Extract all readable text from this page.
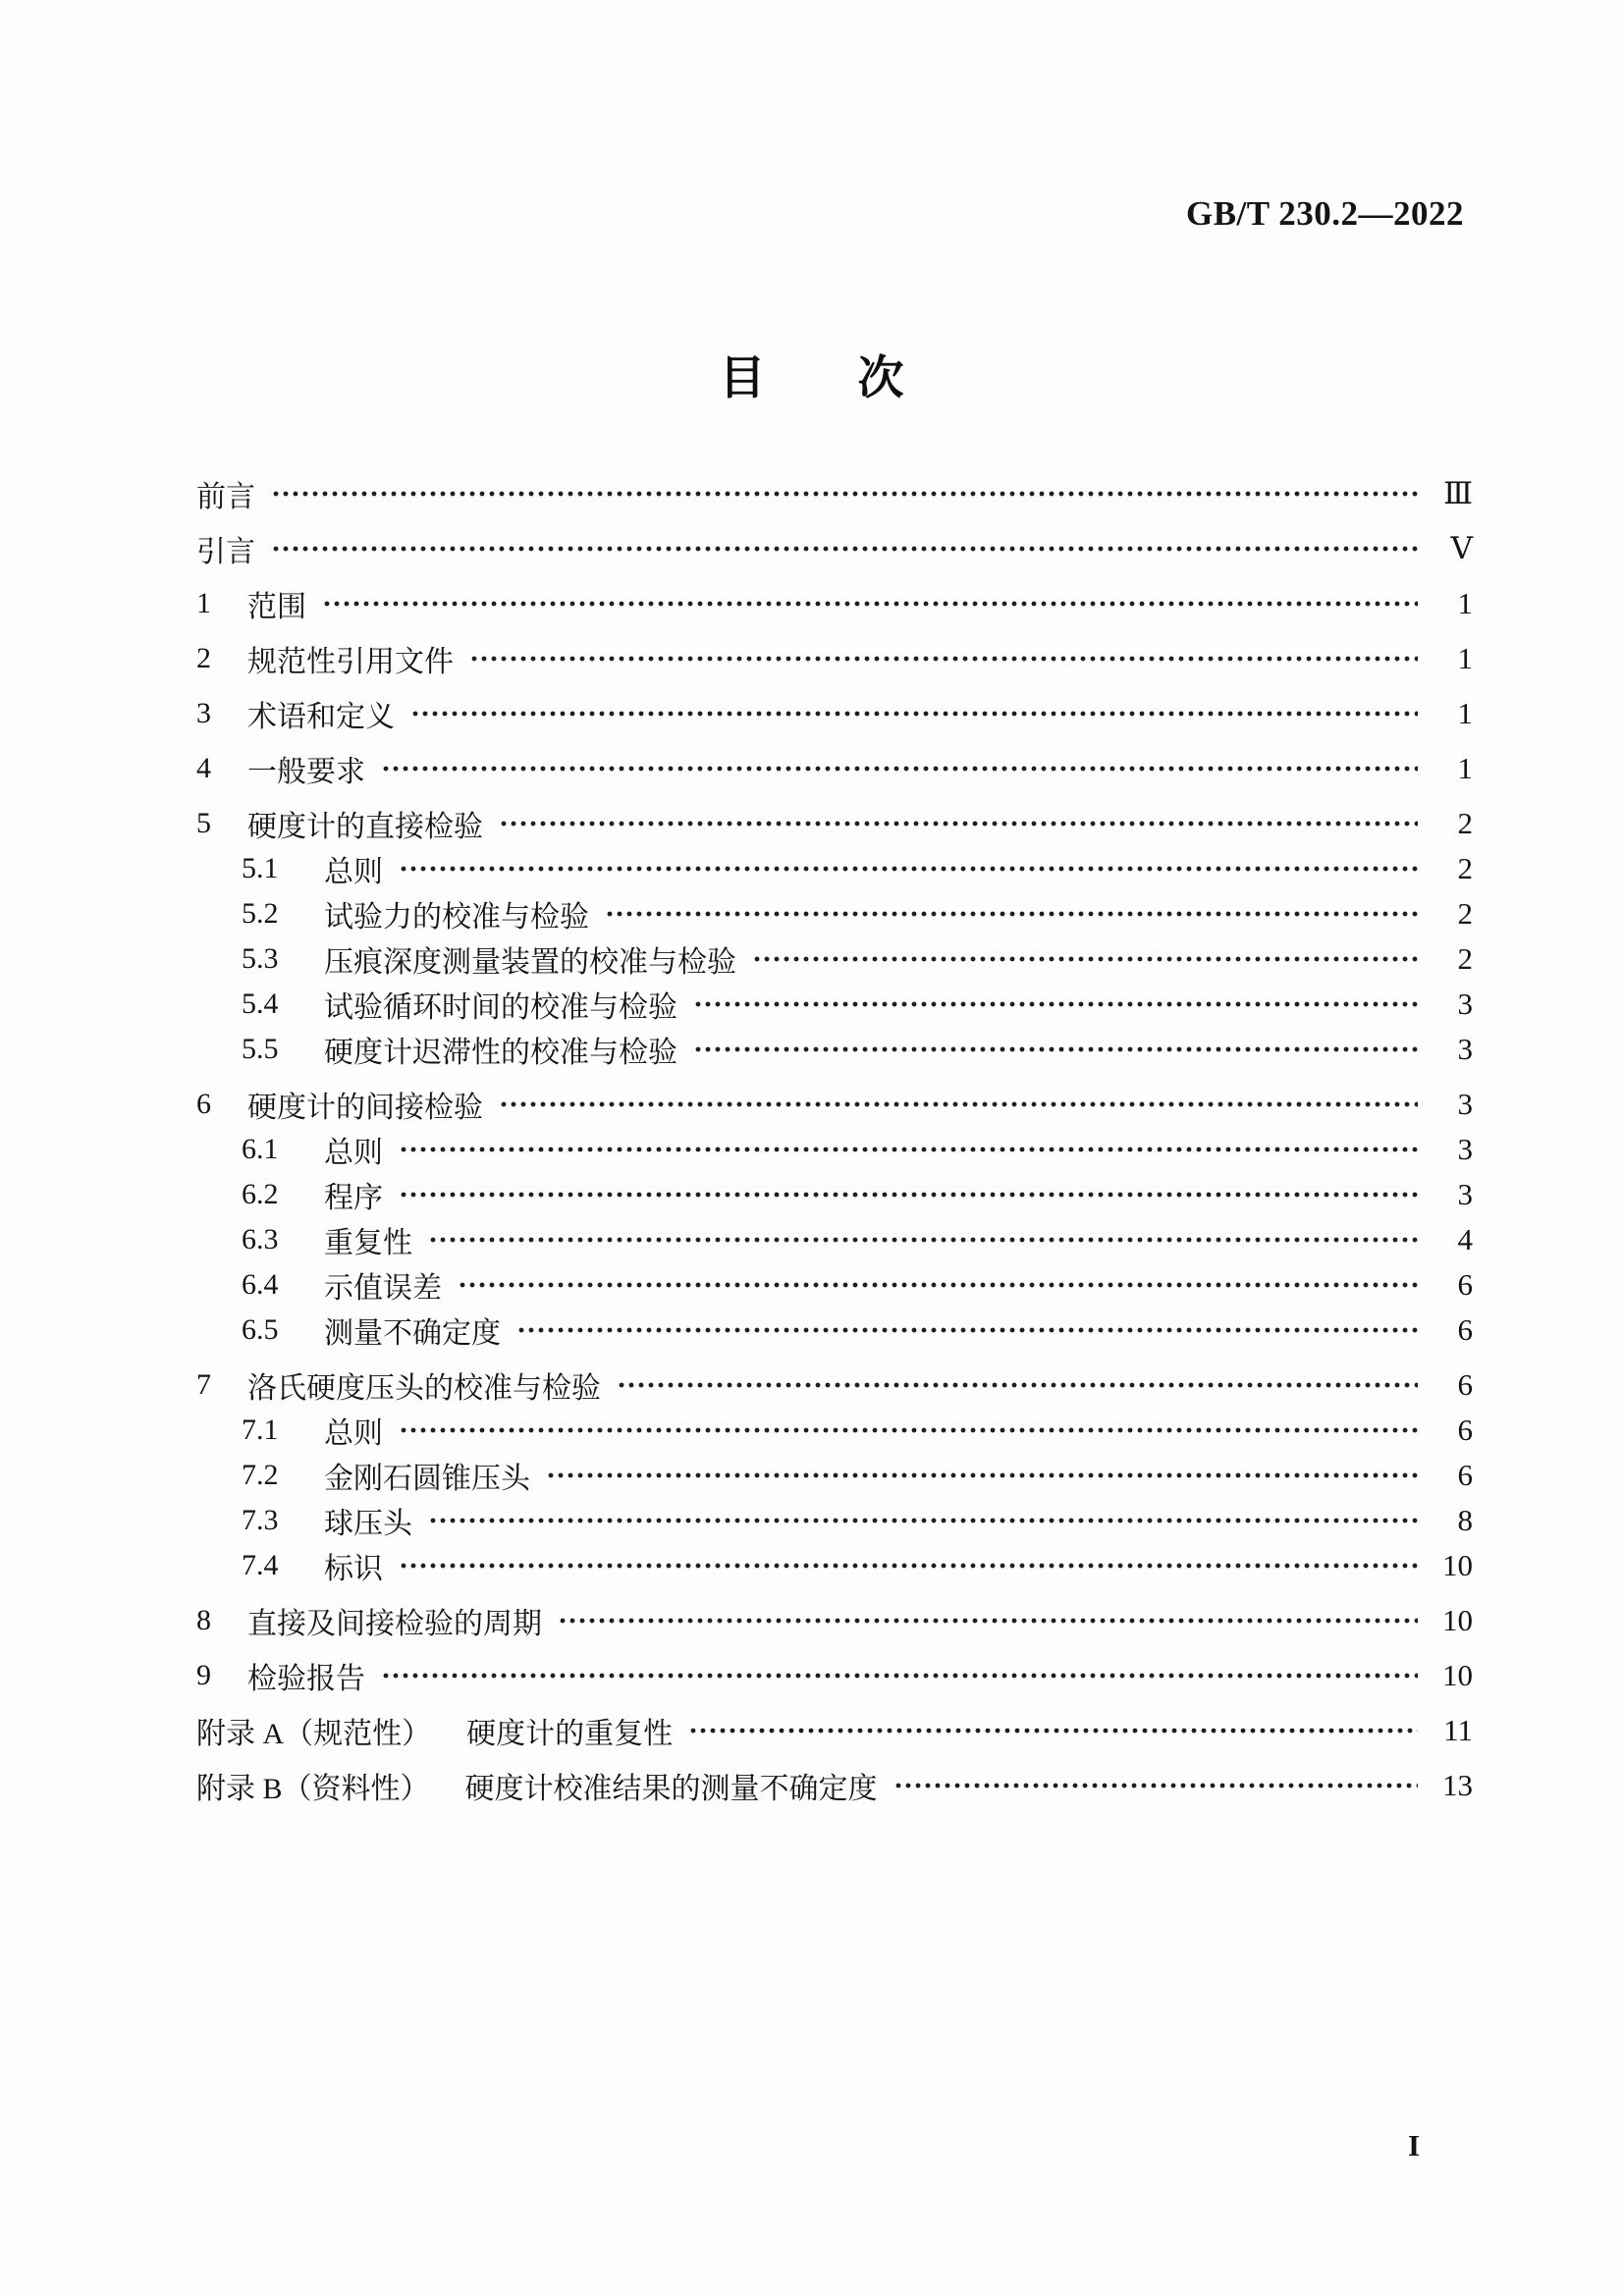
GB/T 230.2—2022
目　　次
前言	Ⅲ
引言	Ⅴ
1	范围	1
2	规范性引用文件	1
3	术语和定义	1
4	一般要求	1
5	硬度计的直接检验	2
5.1	总则	2
5.2	试验力的校准与检验	2
5.3	压痕深度测量装置的校准与检验	2
5.4	试验循环时间的校准与检验	3
5.5	硬度计迟滞性的校准与检验	3
6	硬度计的间接检验	3
6.1	总则	3
6.2	程序	3
6.3	重复性	4
6.4	示值误差	6
6.5	测量不确定度	6
7	洛氏硬度压头的校准与检验	6
7.1	总则	6
7.2	金刚石圆锥压头	6
7.3	球压头	8
7.4	标识	10
8	直接及间接检验的周期	10
9	检验报告	10
附录 A（规范性） 硬度计的重复性	11
附录 B（资料性） 硬度计校准结果的测量不确定度	13
I
